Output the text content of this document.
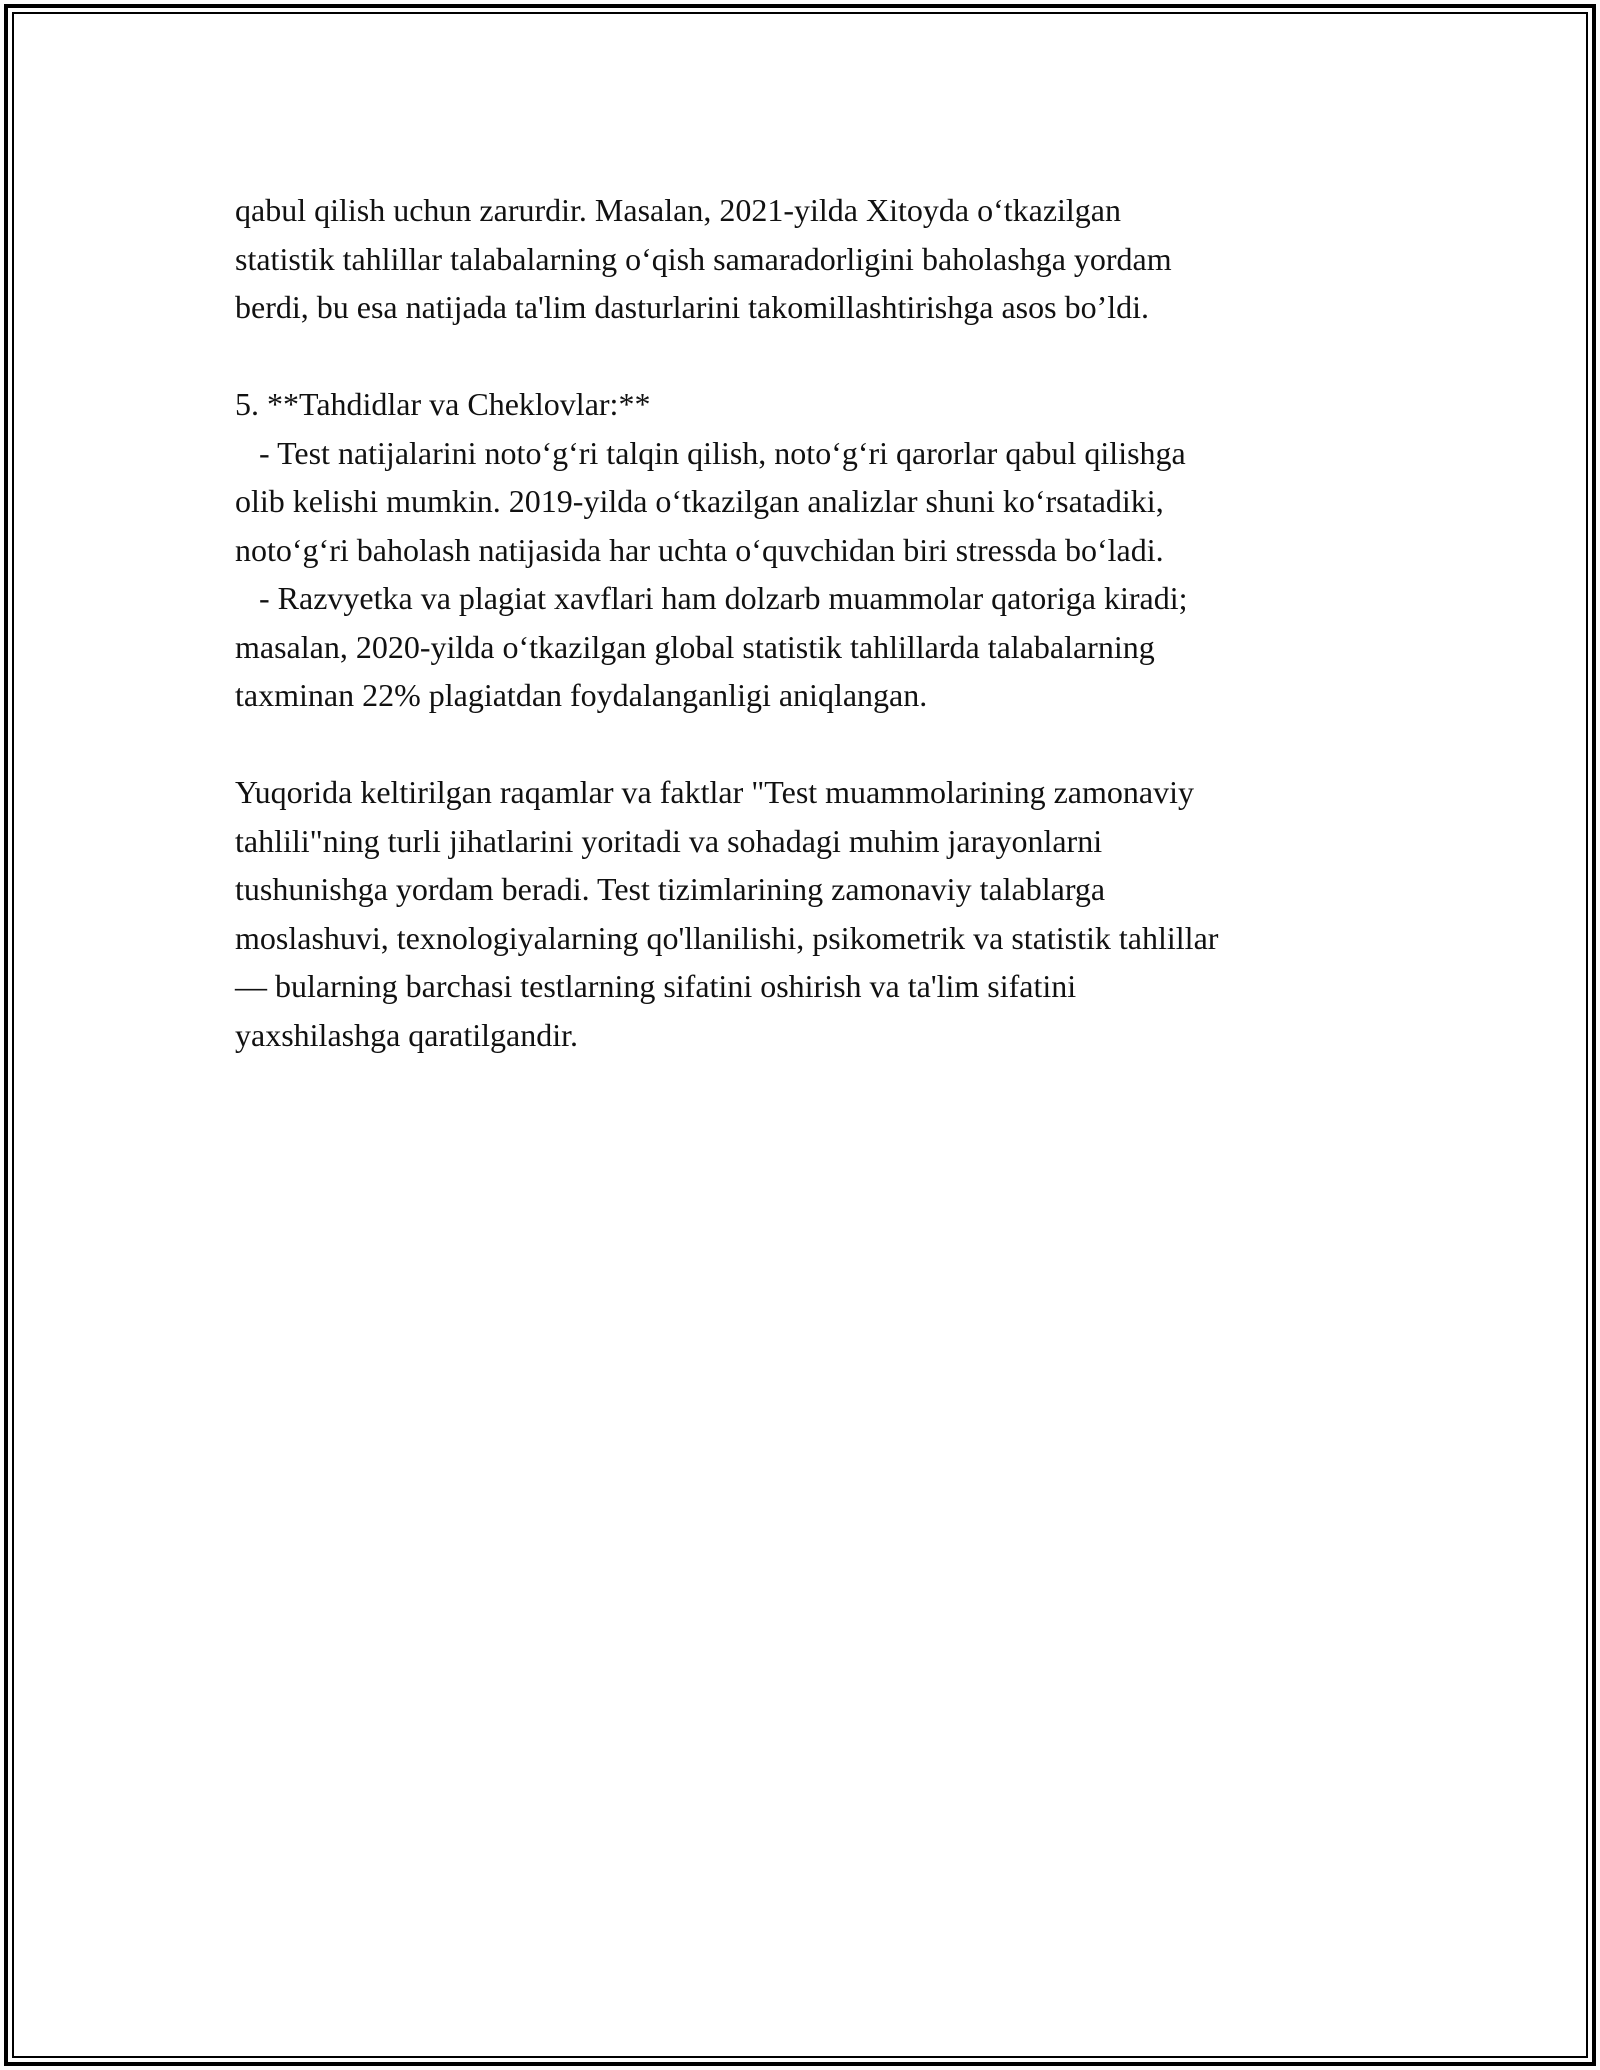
qabul qilish uchun zarurdir. Masalan, 2021-yilda Xitoyda o‘tkazilgan
statistik tahlillar talabalarning o‘qish samaradorligini baholashga yordam
berdi, bu esa natijada ta'lim dasturlarini takomillashtirishga asos bo’ldi.
5. **Tahdidlar va Cheklovlar:**
- Test natijalarini noto‘g‘ri talqin qilish, noto‘g‘ri qarorlar qabul qilishga
olib kelishi mumkin. 2019-yilda o‘tkazilgan analizlar shuni ko‘rsatadiki,
noto‘g‘ri baholash natijasida har uchta o‘quvchidan biri stressda bo‘ladi.
- Razvyetka va plagiat xavflari ham dolzarb muammolar qatoriga kiradi;
masalan, 2020-yilda o‘tkazilgan global statistik tahlillarda talabalarning
taxminan 22% plagiatdan foydalanganligi aniqlangan.
Yuqorida keltirilgan raqamlar va faktlar "Test muammolarining zamonaviy
tahlili"ning turli jihatlarini yoritadi va sohadagi muhim jarayonlarni
tushunishga yordam beradi. Test tizimlarining zamonaviy talablarga
moslashuvi, texnologiyalarning qo'llanilishi, psikometrik va statistik tahlillar
— bularning barchasi testlarning sifatini oshirish va ta'lim sifatini
yaxshilashga qaratilgandir.
